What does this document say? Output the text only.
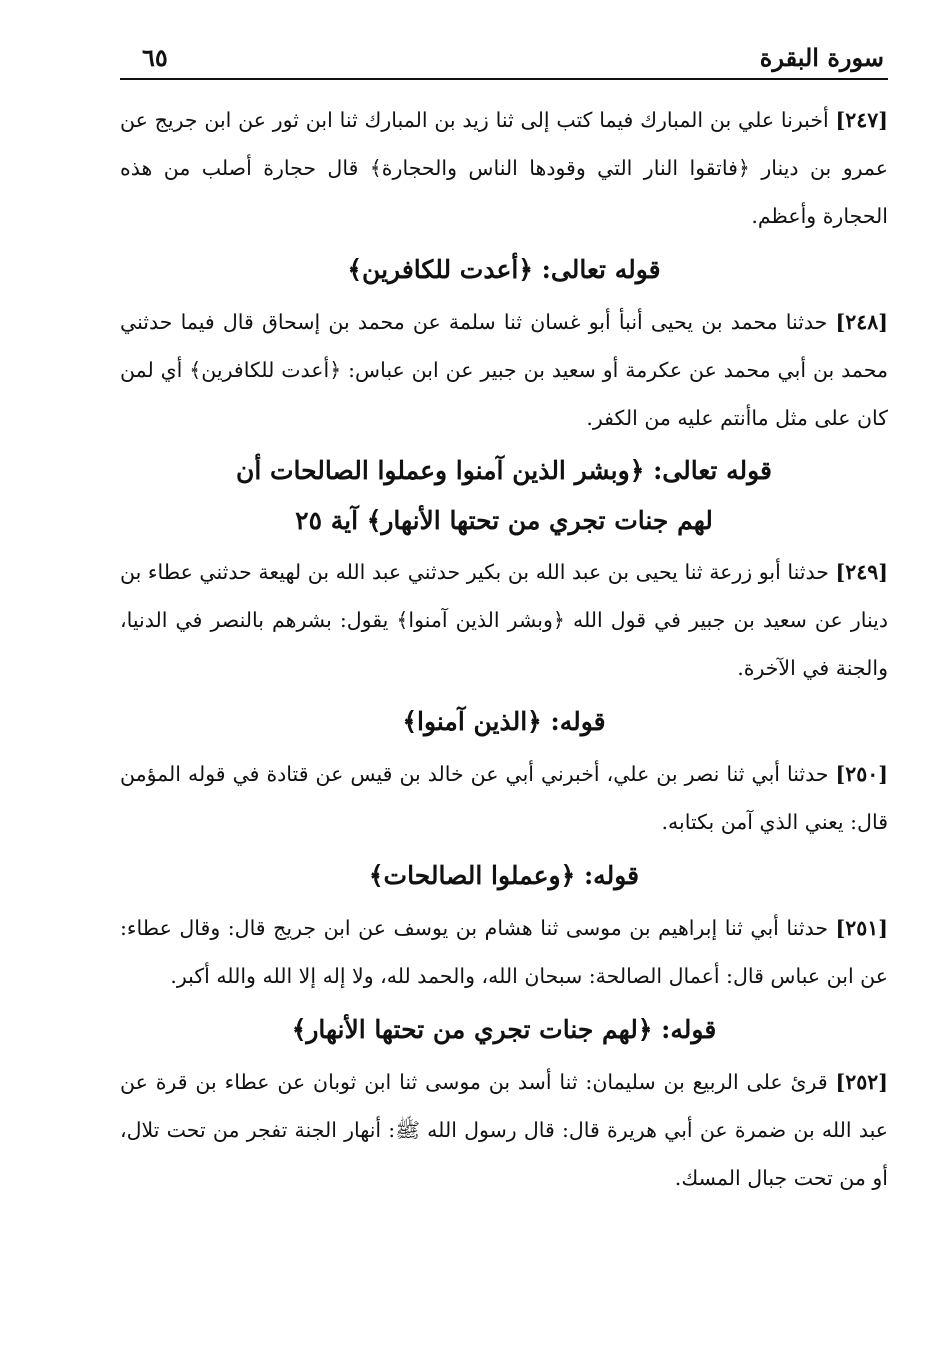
سورة البقرة
٦٥

[٢٤٧] أخبرنا علي بن المبارك فيما كتب إلى ثنا زيد بن المبارك ثنا ابن ثور عن ابن جريج عن عمرو بن دينار ﴿فاتقوا النار التي وقودها الناس والحجارة﴾ قال حجارة أصلب من هذه الحجارة وأعظم.

قوله تعالى: ﴿أعدت للكافرين﴾

[٢٤٨] حدثنا محمد بن يحيى أنبأ أبو غسان ثنا سلمة عن محمد بن إسحاق قال فيما حدثني محمد بن أبي محمد عن عكرمة أو سعيد بن جبير عن ابن عباس: ﴿أعدت للكافرين﴾ أي لمن كان على مثل ماأنتم عليه من الكفر.

قوله تعالى: ﴿وبشر الذين آمنوا وعملوا الصالحات أن
لهم جنات تجري من تحتها الأنهار﴾ آية ٢٥

[٢٤٩] حدثنا أبو زرعة ثنا يحيى بن عبد الله بن بكير حدثني عبد الله بن لهيعة حدثني عطاء بن دينار عن سعيد بن جبير في قول الله ﴿وبشر الذين آمنوا﴾ يقول: بشرهم بالنصر في الدنيا، والجنة في الآخرة.

قوله: ﴿الذين آمنوا﴾

[٢٥٠] حدثنا أبي ثنا نصر بن علي، أخبرني أبي عن خالد بن قيس عن قتادة في قوله المؤمن قال: يعني الذي آمن بكتابه.

قوله: ﴿وعملوا الصالحات﴾

[٢٥١] حدثنا أبي ثنا إبراهيم بن موسى ثنا هشام بن يوسف عن ابن جريج قال: وقال عطاء: عن ابن عباس قال: أعمال الصالحة: سبحان الله، والحمد لله، ولا إله إلا الله والله أكبر.

قوله: ﴿لهم جنات تجري من تحتها الأنهار﴾

[٢٥٢] قرئ على الربيع بن سليمان: ثنا أسد بن موسى ثنا ابن ثوبان عن عطاء بن قرة عن عبد الله بن ضمرة عن أبي هريرة قال: قال رسول الله ﷺ: أنهار الجنة تفجر من تحت تلال، أو من تحت جبال المسك.
